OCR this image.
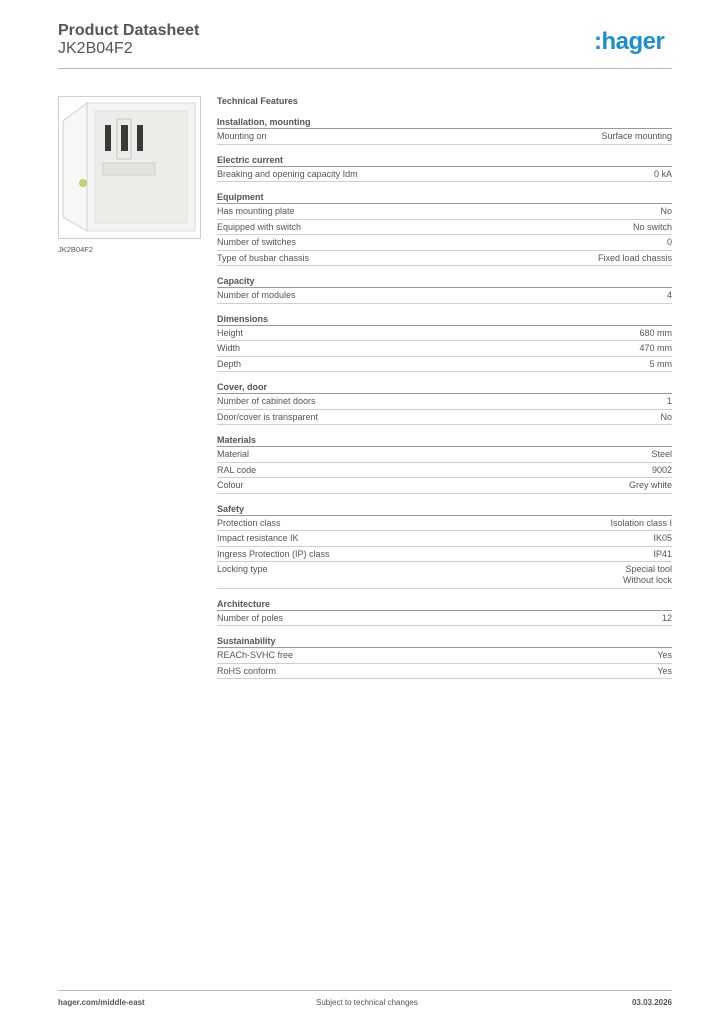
Product Datasheet
JK2B04F2	:hager
JK2B04F2
Technical Features
Installation, mounting
Mounting on	Surface mounting
Electric current
Breaking and opening capacity Idm	0 kA
Equipment
Has mounting plate	No
Equipped with switch	No switch
Number of switches	0
Type of busbar chassis	Fixed load chassis
Capacity
Number of modules	4
Dimensions
Height	680 mm
Width	470 mm
Depth	5 mm
Cover, door
Number of cabinet doors	1
Door/cover is transparent	No
Materials
Material	Steel
RAL code	9002
Colour	Grey white
Safety
Protection class	Isolation class I
Impact resistance IK	IK05
Ingress Protection (IP) class	IP41
Locking type	Special tool
Without lock
Architecture
Number of poles	12
Sustainability
REACh-SVHC free	Yes
RoHS conform	Yes
hager.com/middle-east	Subject to technical changes	03.03.2026
